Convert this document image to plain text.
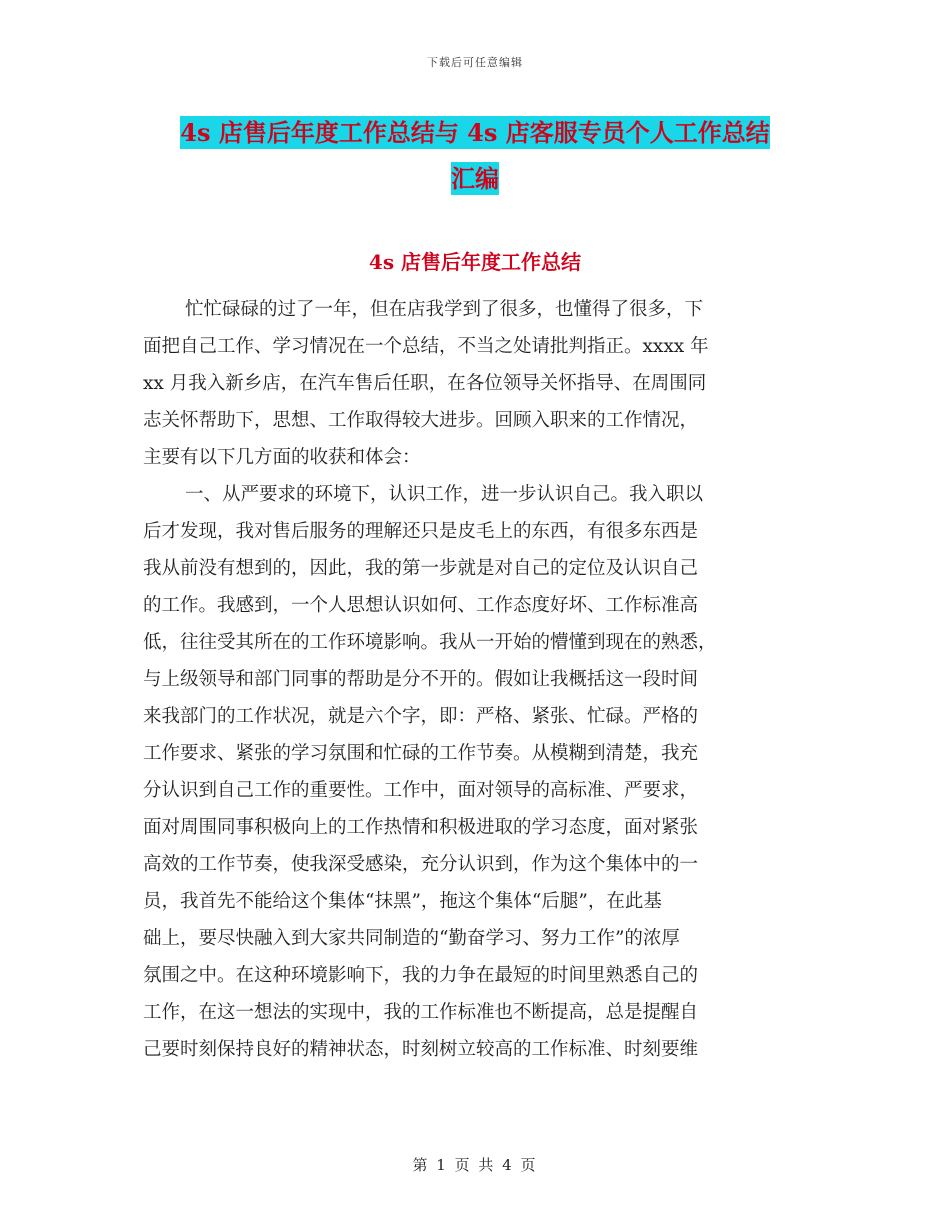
下载后可任意编辑
4s 店售后年度工作总结与 4s 店客服专员个人工作总结
汇编
4s 店售后年度工作总结
忙忙碌碌的过了一年，但在店我学到了很多，也懂得了很多，下
面把自己工作、学习情况在一个总结，不当之处请批判指正。xxxx 年
xx 月我入新乡店，在汽车售后任职，在各位领导关怀指导、在周围同
志关怀帮助下，思想、工作取得较大进步。回顾入职来的工作情况，
主要有以下几方面的收获和体会：
一、从严要求的环境下，认识工作，进一步认识自己。我入职以
后才发现，我对售后服务的理解还只是皮毛上的东西，有很多东西是
我从前没有想到的，因此，我的第一步就是对自己的定位及认识自己
的工作。我感到，一个人思想认识如何、工作态度好坏、工作标准高
低，往往受其所在的工作环境影响。我从一开始的懵懂到现在的熟悉，
与上级领导和部门同事的帮助是分不开的。假如让我概括这一段时间
来我部门的工作状况，就是六个字，即：严格、紧张、忙碌。严格的
工作要求、紧张的学习氛围和忙碌的工作节奏。从模糊到清楚，我充
分认识到自己工作的重要性。工作中，面对领导的高标准、严要求，
面对周围同事积极向上的工作热情和积极进取的学习态度，面对紧张
高效的工作节奏，使我深受感染，充分认识到，作为这个集体中的一
员，我首先不能给这个集体“抹黑”，拖这个集体“后腿”，在此基
础上，要尽快融入到大家共同制造的“勤奋学习、努力工作”的浓厚
氛围之中。在这种环境影响下，我的力争在最短的时间里熟悉自己的
工作，在这一想法的实现中，我的工作标准也不断提高，总是提醒自
己要时刻保持良好的精神状态，时刻树立较高的工作标准、时刻要维
第 1 页 共 4 页
